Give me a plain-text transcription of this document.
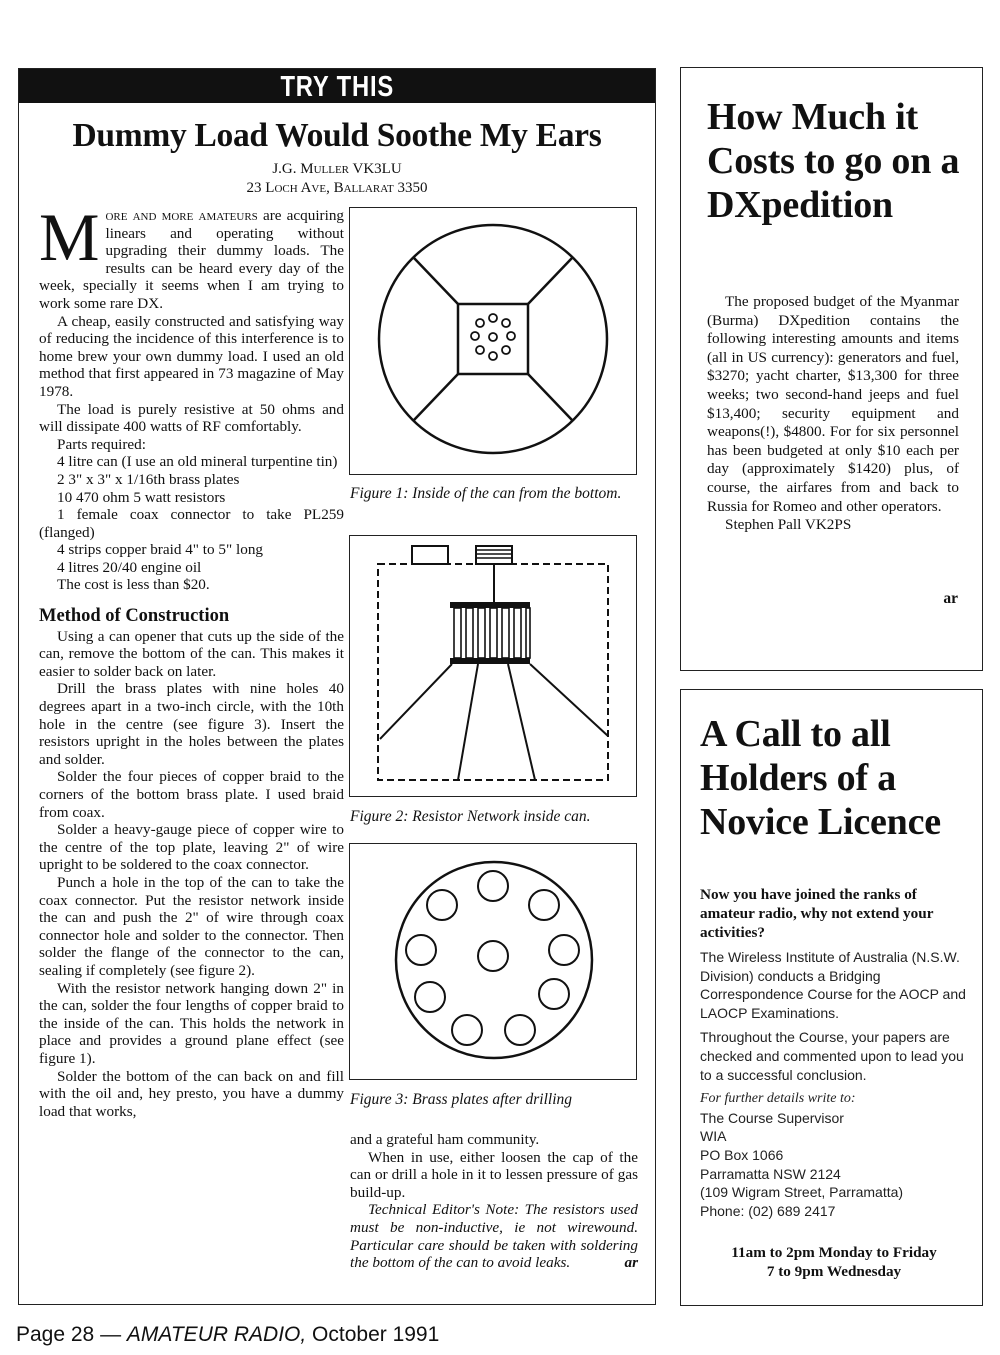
TRY THIS
Dummy Load Would Soothe My Ears
J.G. Muller VK3LU
23 Loch Ave, Ballarat 3350

M ore and more amateurs are acquiring linears and operating without upgrading their dummy loads. The results can be heard every day of the week, specially it seems when I am trying to work some rare DX.

A cheap, easily constructed and satisfying way of reducing the incidence of this interference is to home brew your own dummy load. I used an old method that first appeared in 73 magazine of May 1978.

The load is purely resistive at 50 ohms and will dissipate 400 watts of RF comfortably.

Parts required:

4 litre can (I use an old mineral turpentine tin)

2 3" x 3" x 1/16th brass plates

10 470 ohm 5 watt resistors

1 female coax connector to take PL259 (flanged)

4 strips copper braid 4" to 5" long

4 litres 20/40 engine oil

The cost is less than $20.

Method of Construction

Using a can opener that cuts up the side of the can, remove the bottom of the can. This makes it easier to solder back on later.

Drill the brass plates with nine holes 40 degrees apart in a two-inch circle, with the 10th hole in the centre (see figure 3). Insert the resistors upright in the holes between the plates and solder.

Solder the four pieces of copper braid to the corners of the bottom brass plate. I used braid from coax.

Solder a heavy-gauge piece of copper wire to the centre of the top plate, leaving 2" of wire upright to be soldered to the coax connector.

Punch a hole in the top of the can to take the coax connector. Put the resistor network inside the can and push the 2" of wire through coax connector hole and solder to the connector. Then solder the flange of the connector to the can, sealing if completely (see figure 2).

With the resistor network hanging down 2" in the can, solder the four lengths of copper braid to the inside of the can. This holds the network in place and provides a ground plane effect (see figure 1).

Solder the bottom of the can back on and fill with the oil and, hey presto, you have a dummy load that works,

Figure 1: Inside of the can from the bottom.
Figure 2: Resistor Network inside can.
Figure 3: Brass plates after drilling

and a grateful ham community.

When in use, either loosen the cap of the can or drill a hole in it to lessen pressure of gas build-up.

Technical Editor's Note: The resistors used must be non-inductive, ie not wirewound. Particular care should be taken with soldering the bottom of the can to avoid leaks.	ar

How Much it Costs to go on a DXpedition

The proposed budget of the Myanmar (Burma) DXpedition contains the following interesting amounts and items (all in US currency): generators and fuel, $3270; yacht charter, $13,300 for three weeks; two second-hand jeeps and fuel $13,400; security equipment and weapons(!), $4800. For for six personnel has been budgeted at only $10 each per day (approximately $1420) plus, of course, the airfares from and back to Russia for Romeo and other operators.

Stephen Pall VK2PS

ar
A Call to all Holders of a Novice Licence
Now you have joined the ranks of amateur radio, why not extend your activities?

The Wireless Institute of Australia (N.S.W. Division) conducts a Bridging Correspondence Course for the AOCP and LAOCP Examinations.

Throughout the Course, your papers are checked and commented upon to lead you to a successful conclusion.

For further details write to:
The Course Supervisor
WIA
PO Box 1066
Parramatta NSW 2124
(109 Wigram Street, Parramatta)
Phone: (02) 689 2417
11am to 2pm Monday to Friday
7 to 9pm Wednesday
Page 28 — AMATEUR RADIO, October 1991
